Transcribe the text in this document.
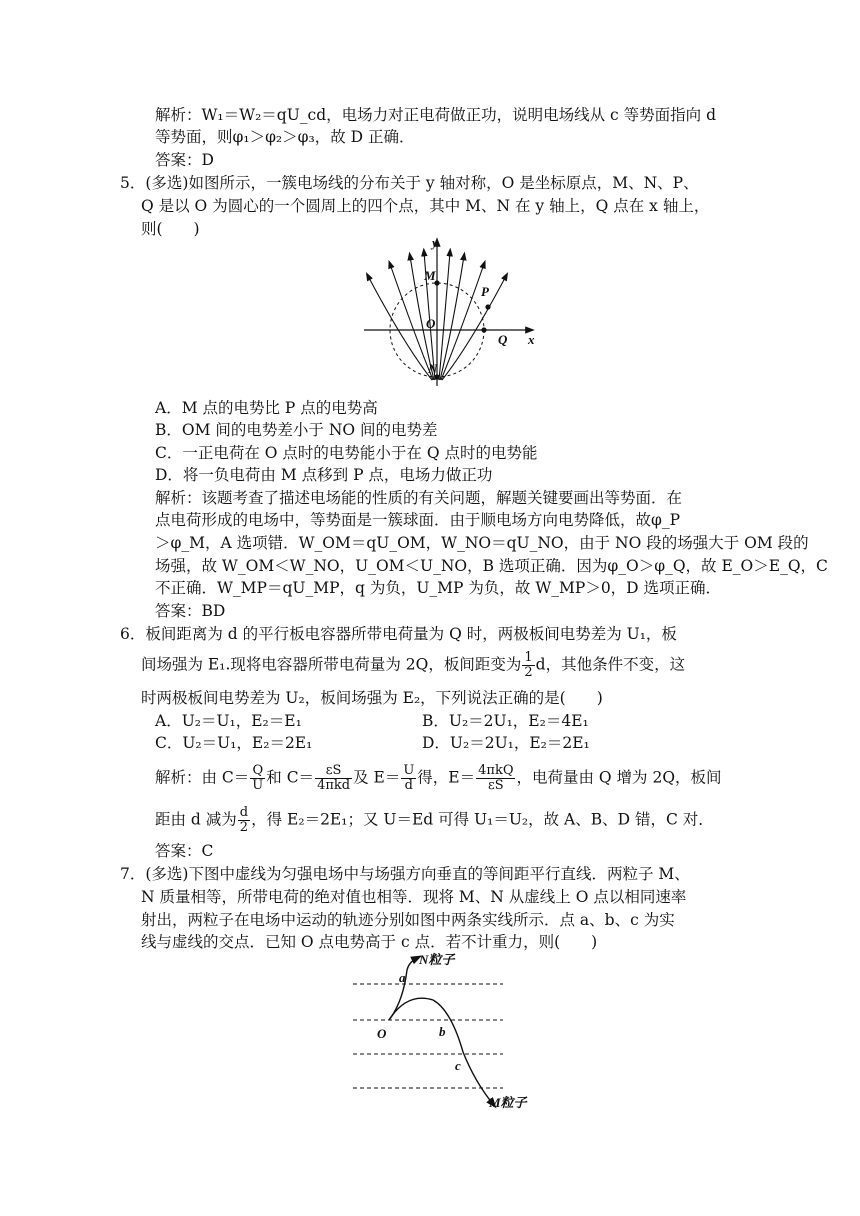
解析：W₁＝W₂＝qU_cd，电场力对正电荷做正功，说明电场线从 c 等势面指向 d
等势面，则φ₁＞φ₂＞φ₃，故 D 正确．
答案：D
5．(多选)如图所示，一簇电场线的分布关于 y 轴对称，O 是坐标原点，M、N、P、
Q 是以 O 为圆心的一个圆周上的四个点，其中 M、N 在 y 轴上，Q 点在 x 轴上，
则(　　)
y
x
M
P
O
Q
N
A．M 点的电势比 P 点的电势高
B．OM 间的电势差小于 NO 间的电势差
C．一正电荷在 O 点时的电势能小于在 Q 点时的电势能
D．将一负电荷由 M 点移到 P 点，电场力做正功
解析：该题考查了描述电场能的性质的有关问题，解题关键要画出等势面．在
点电荷形成的电场中，等势面是一簇球面．由于顺电场方向电势降低，故φ_P
＞φ_M，A 选项错．W_OM＝qU_OM，W_NO＝qU_NO，由于 NO 段的场强大于 OM 段的
场强，故 W_OM＜W_NO，U_OM＜U_NO，B 选项正确．因为φ_O＞φ_Q，故 E_O＞E_Q，C
不正确．W_MP＝qU_MP，q 为负，U_MP 为负，故 W_MP＞0，D 选项正确．
答案：BD
6．板间距离为 d 的平行板电容器所带电荷量为 Q 时，两极板间电势差为 U₁，板
间场强为 E₁.现将电容器所带电荷量为 2Q，板间距变为 $\frac{1}{2}$ d，其他条件不变，这
时两极板间电势差为 U₂，板间场强为 E₂，下列说法正确的是(　　)
A．U₂＝U₁，E₂＝E₁	B．U₂＝2U₁，E₂＝4E₁
C．U₂＝U₁，E₂＝2E₁	D．U₂＝2U₁，E₂＝2E₁
解析：由 $C= \frac{Q}{U}$ 和 $C= \frac{\varepsilon S}{\text{4πkd}}$ 及 $E= \frac{U}{d}$ 得，$E= \frac{\text{4πkQ}}{\varepsilon S}$ ，电荷量由 Q 增为 2Q，板间
距由 d 减为 $\frac{d}{2}$ ，得 E₂＝2E₁；又 U＝Ed 可得 U₁＝U₂，故 A、B、D 错，C 对．
答案：C
7．(多选)下图中虚线为匀强电场中与场强方向垂直的等间距平行直线．两粒子 M、
N 质量相等，所带电荷的绝对值也相等．现将 M、N 从虚线上 O 点以相同速率
射出，两粒子在电场中运动的轨迹分别如图中两条实线所示．点 a、b、c 为实
线与虚线的交点．已知 O 点电势高于 c 点．若不计重力，则(　　)
N粒子
M粒子
O
a
b
c
